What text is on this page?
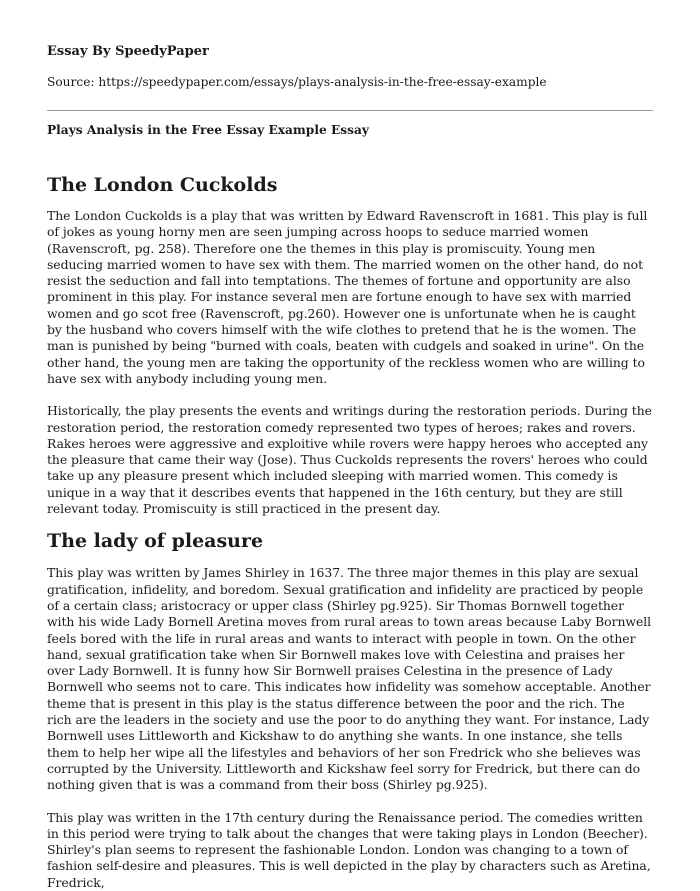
Essay By SpeedyPaper
Source: https://speedypaper.com/essays/plays-analysis-in-the-free-essay-example
Plays Analysis in the Free Essay Example Essay
The London Cuckolds

The London Cuckolds is a play that was written by Edward Ravenscroft in 1681. This play is full of jokes as young horny men are seen jumping across hoops to seduce married women (Ravenscroft, pg. 258). Therefore one the themes in this play is promiscuity. Young men seducing married women to have sex with them. The married women on the other hand, do not resist the seduction and fall into temptations. The themes of fortune and opportunity are also prominent in this play. For instance several men are fortune enough to have sex with married women and go scot free (Ravenscroft, pg.260). However one is unfortunate when he is caught by the husband who covers himself with the wife clothes to pretend that he is the women. The man is punished by being "burned with coals, beaten with cudgels and soaked in urine". On the other hand, the young men are taking the opportunity of the reckless women who are willing to have sex with anybody including young men.

Historically, the play presents the events and writings during the restoration periods. During the restoration period, the restoration comedy represented two types of heroes; rakes and rovers. Rakes heroes were aggressive and exploitive while rovers were happy heroes who accepted any the pleasure that came their way (Jose). Thus Cuckolds represents the rovers' heroes who could take up any pleasure present which included sleeping with married women. This comedy is unique in a way that it describes events that happened in the 16th century, but they are still relevant today. Promiscuity is still practiced in the present day.

The lady of pleasure

This play was written by James Shirley in 1637. The three major themes in this play are sexual gratification, infidelity, and boredom. Sexual gratification and infidelity are practiced by people of a certain class; aristocracy or upper class (Shirley pg.925). Sir Thomas Bornwell together with his wide Lady Bornell Aretina moves from rural areas to town areas because Laby Bornwell feels bored with the life in rural areas and wants to interact with people in town. On the other hand, sexual gratification take when Sir Bornwell makes love with Celestina and praises her over Lady Bornwell. It is funny how Sir Bornwell praises Celestina in the presence of Lady Bornwell who seems not to care. This indicates how infidelity was somehow acceptable. Another theme that is present in this play is the status difference between the poor and the rich. The rich are the leaders in the society and use the poor to do anything they want. For instance, Lady Bornwell uses Littleworth and Kickshaw to do anything she wants. In one instance, she tells them to help her wipe all the lifestyles and behaviors of her son Fredrick who she believes was corrupted by the University. Littleworth and Kickshaw feel sorry for Fredrick, but there can do nothing given that is was a command from their boss (Shirley pg.925).

This play was written in the 17th century during the Renaissance period. The comedies written in this period were trying to talk about the changes that were taking plays in London (Beecher). Shirley's plan seems to represent the fashionable London. London was changing to a town of fashion self-desire and pleasures. This is well depicted in the play by characters such as Aretina, Fredrick,
